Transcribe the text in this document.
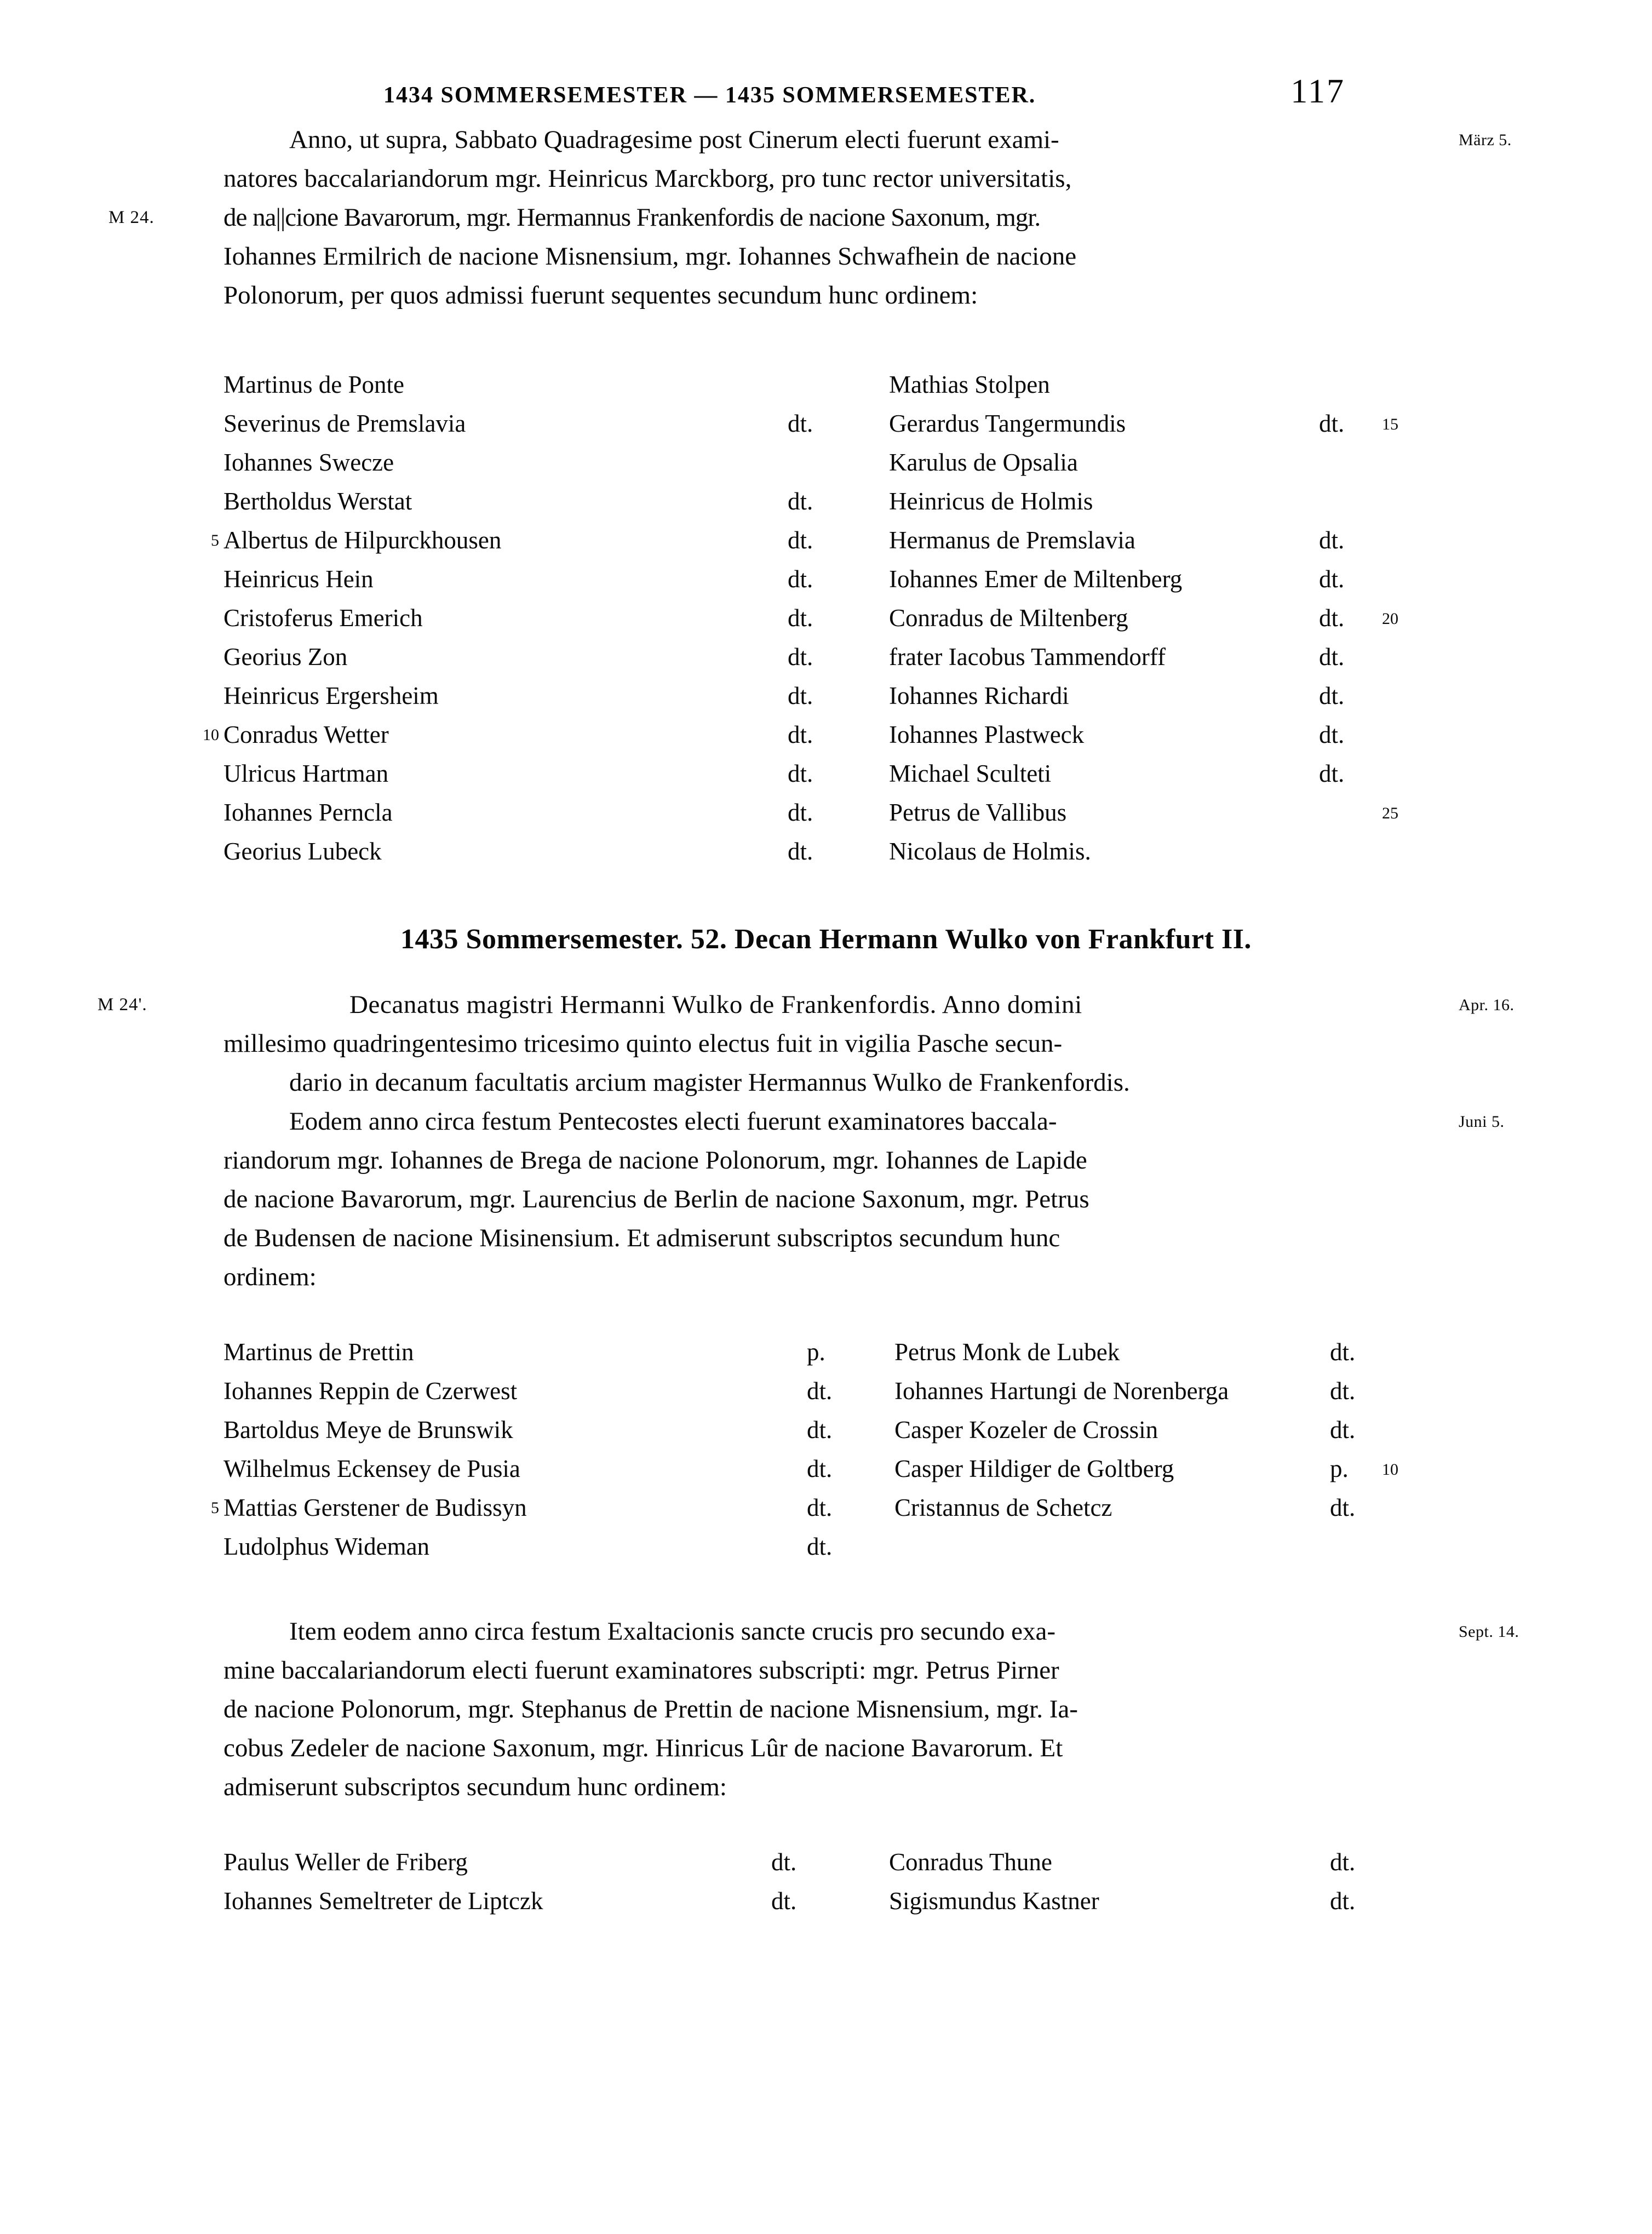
1434 SOMMERSEMESTER — 1435 SOMMERSEMESTER.	117
Anno, ut supra, Sabbato Quadragesime post Cinerum electi fuerunt exami-	März 5.
natores baccalariandorum mgr. Heinricus Marckborg, pro tunc rector universitatis,
M 24.	de na||cione Bavarorum, mgr. Hermannus Frankenfordis de nacione Saxonum, mgr.
Iohannes Ermilrich de nacione Misnensium, mgr. Iohannes Schwafhein de nacione
Polonorum, per quos admissi fuerunt sequentes secundum hunc ordinem:
Martinus de Ponte	Mathias Stolpen
Severinus de Premslavia	dt.	Gerardus Tangermundis	dt. 15
Iohannes Swecze	Karulus de Opsalia
Bertholdus Werstat	dt.	Heinricus de Holmis
5 Albertus de Hilpurckhousen	dt.	Hermanus de Premslavia	dt.
Heinricus Hein	dt.	Iohannes Emer de Miltenberg	dt.
Cristoferus Emerich	dt.	Conradus de Miltenberg	dt. 20
Georius Zon	dt.	frater Iacobus Tammendorff	dt.
Heinricus Ergersheim	dt.	Iohannes Richardi	dt.
10 Conradus Wetter	dt.	Iohannes Plastweck	dt.
Ulricus Hartman	dt.	Michael Sculteti	dt.
Iohannes Perncla	dt.	Petrus de Vallibus	25
Georius Lubeck	dt.	Nicolaus de Holmis.
1435 Sommersemester. 52. Decan Hermann Wulko von Frankfurt II.
M 24'.	Decanatus magistri Hermanni Wulko de Frankenfordis. Anno domini	Apr. 16.
millesimo quadringentesimo tricesimo quinto electus fuit in vigilia Pasche secun-
dario in decanum facultatis arcium magister Hermannus Wulko de Frankenfordis.
Eodem anno circa festum Pentecostes electi fuerunt examinatores baccala-	Juni 5.
riandorum mgr. Iohannes de Brega de nacione Polonorum, mgr. Iohannes de Lapide
de nacione Bavarorum, mgr. Laurencius de Berlin de nacione Saxonum, mgr. Petrus
de Budensen de nacione Misinensium. Et admiserunt subscriptos secundum hunc
ordinem:
Martinus de Prettin	p.	Petrus Monk de Lubek	dt.
Iohannes Reppin de Czerwest	dt.	Iohannes Hartungi de Norenberga	dt.
Bartoldus Meye de Brunswik	dt.	Casper Kozeler de Crossin	dt.
Wilhelmus Eckensey de Pusia	dt.	Casper Hildiger de Goltberg	p. 10
5 Mattias Gerstener de Budissyn	dt.	Cristannus de Schetcz	dt.
Ludolphus Wideman	dt.
Item eodem anno circa festum Exaltacionis sancte crucis pro secundo exa-	Sept. 14.
mine baccalariandorum electi fuerunt examinatores subscripti: mgr. Petrus Pirner
de nacione Polonorum, mgr. Stephanus de Prettin de nacione Misnensium, mgr. Ia-
cobus Zedeler de nacione Saxonum, mgr. Hinricus Lûr de nacione Bavarorum. Et
admiserunt subscriptos secundum hunc ordinem:
Paulus Weller de Friberg	dt.	Conradus Thune	dt.
Iohannes Semeltreter de Liptczk	dt.	Sigismundus Kastner	dt.
